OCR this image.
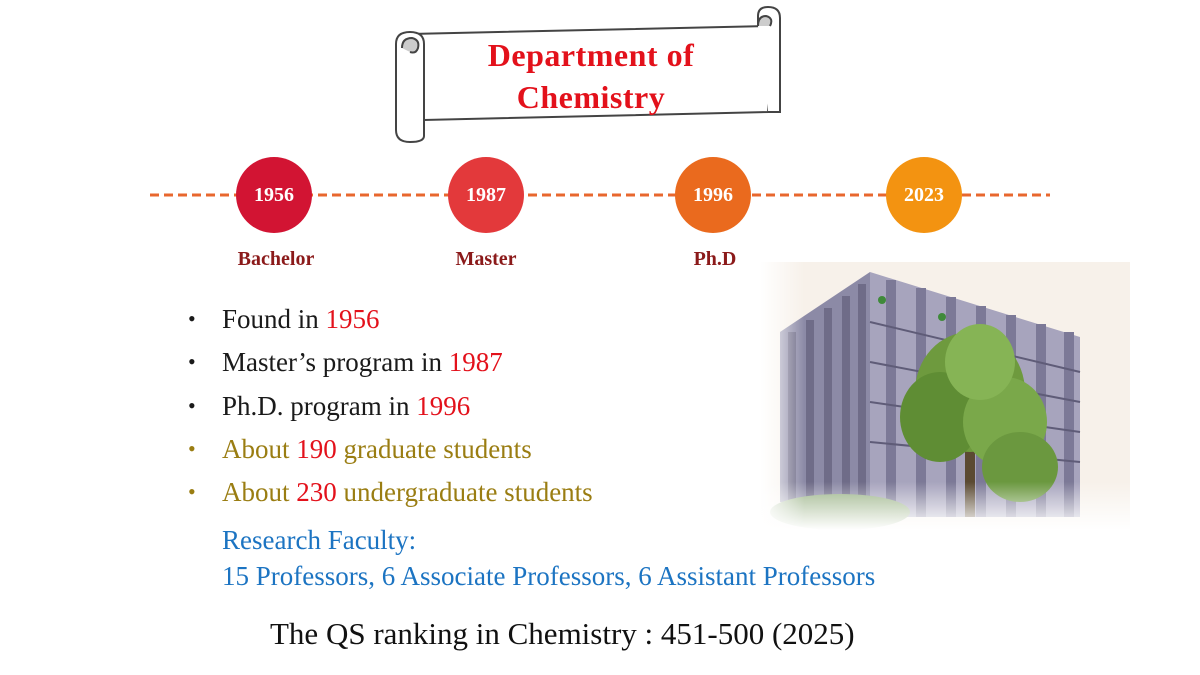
Department of
Chemistry
1956	1987	1996	2023
Bachelor	Master	Ph.D
• Found in 1956
• Master’s program in 1987
• Ph.D. program in 1996
• About 190 graduate students
• About 230 undergraduate students
Research Faculty:
15 Professors, 6 Associate Professors, 6 Assistant Professors
The QS ranking in Chemistry : 451-500 (2025)
